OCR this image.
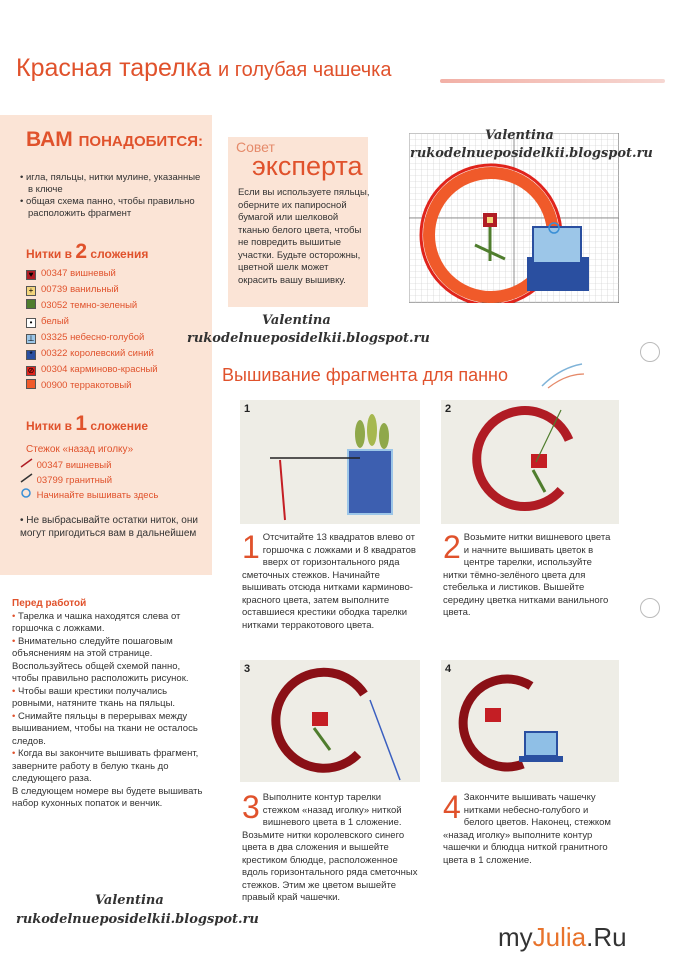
Красная тарелка и голубая чашечка
ВАМ ПОНАДОБИТСЯ:
• игла, пяльцы, нитки мулине, указанные в ключе
• общая схема панно, чтобы правильно расположить фрагмент
Нитки в 2 сложения
♥ 00347 вишневый
+ 00739 ванильный
03052 темно-зеленый
• белый
⊥ 03325 небесно-голубой
* 00322 королевский синий
⊘ 00304 карминово-красный
00900 терракотовый
Нитки в 1 сложение
Стежок «назад иголку»
00347 вишневый
03799 гранитный
Начинайте вышивать здесь
• Не выбрасывайте остатки ниток, они могут пригодиться вам в дальнейшем
Перед работой
• Тарелка и чашка находятся слева от горшочка с ложками.
• Внимательно следуйте пошаговым объяснениям на этой странице. Воспользуйтесь общей схемой панно, чтобы правильно расположить рисунок.
• Чтобы ваши крестики получались ровными, натяните ткань на пяльцы.
• Снимайте пяльцы в перерывах между вышиванием, чтобы на ткани не осталось следов.
• Когда вы закончите вышивать фрагмент, заверните работу в белую ткань до следующего раза.
В следующем номере вы будете вышивать набор кухонных попаток и венчик.
Valentina
rukodelnueposidelkii.blogspot.ru
Совет
эксперта
Если вы используете пяльцы, оберните их папиросной бумагой или шелковой тканью белого цвета, чтобы не повредить вышитые участки. Будьте осторожны, цветной шелк может окрасить вашу вышивку.
Valentina
rukodelnueposidelkii.blogspot.ru
Valentina
rukodelnueposidelkii.blogspot.ru
Вышивание фрагмента для панно
1	2
3	4
1 Отсчитайте 13 квадратов влево от горшочка с ложками и 8 квадратов вверх от горизонтального ряда сметочных стежков. Начинайте вышивать отсюда нитками карминово-красного цвета, затем выполните оставшиеся крестики ободка тарелки нитками терракотового цвета.
2 Возьмите нитки вишневого цвета и начните вышивать цветок в центре тарелки, используйте нитки тёмно-зелёного цвета для стебелька и листиков. Вышейте середину цветка нитками ванильного цвета.
3 Выполните контур тарелки стежком «назад иголку» ниткой вишневого цвета в 1 сложение. Возьмите нитки королевского синего цвета в два сложения и вышейте крестиком блюдце, расположенное вдоль горизонтального ряда сметочных стежков. Этим же цветом вышейте правый край чашечки.
4 Закончите вышивать чашечку нитками небесно-голубого и белого цветов. Наконец, стежком «назад иголку» выполните контур чашечки и блюдца ниткой гранитного цвета в 1 сложение.
myJulia.Ru
